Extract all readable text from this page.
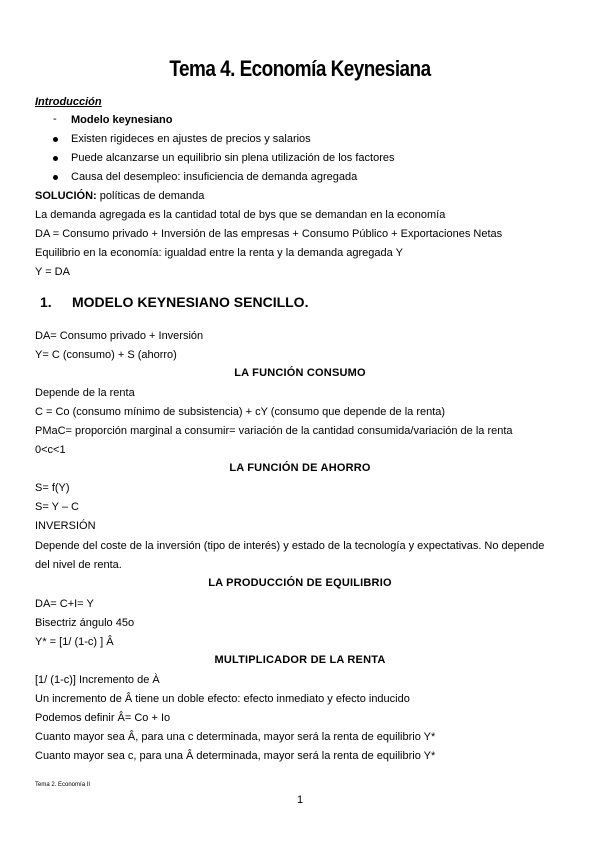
Tema 4. Economía Keynesiana
Introducción
- Modelo keynesiano
Existen rigideces en ajustes de precios y salarios
Puede alcanzarse un equilibrio sin plena utilización de los factores
Causa del desempleo: insuficiencia de demanda agregada
SOLUCIÓN: políticas de demanda
La demanda agregada es la cantidad total de bys que se demandan en la economía
DA = Consumo privado + Inversión de las empresas + Consumo Público + Exportaciones Netas
Equilibrio en la economía: igualdad entre la renta y la demanda agregada Y
Y = DA
1. MODELO KEYNESIANO SENCILLO.
DA= Consumo privado + Inversión
Y= C (consumo) + S (ahorro)
LA FUNCIÓN CONSUMO
Depende de la renta
C = Co (consumo mínimo de subsistencia) + cY (consumo que depende de la renta)
PMaC= proporción marginal a consumir= variación de la cantidad consumida/variación de la renta
0<c<1
LA FUNCIÓN DE AHORRO
S= f(Y)
S= Y – C
INVERSIÓN
Depende del coste de la inversión (tipo de interés) y estado de la tecnología y expectativas. No depende
del nivel de renta.
LA PRODUCCIÓN DE EQUILIBRIO
DA= C+I= Y
Bisectriz ángulo 45o
Y* = [1/ (1-c) ] Â
MULTIPLICADOR DE LA RENTA
[1/ (1-c)] Incremento de À
Un incremento de Â tiene un doble efecto: efecto inmediato y efecto inducido
Podemos definir Â= Co + Io
Cuanto mayor sea Â, para una c determinada, mayor será la renta de equilibrio Y*
Cuanto mayor sea c, para una Â determinada, mayor será la renta de equilibrio Y*
Tema 2. Economía II
1
